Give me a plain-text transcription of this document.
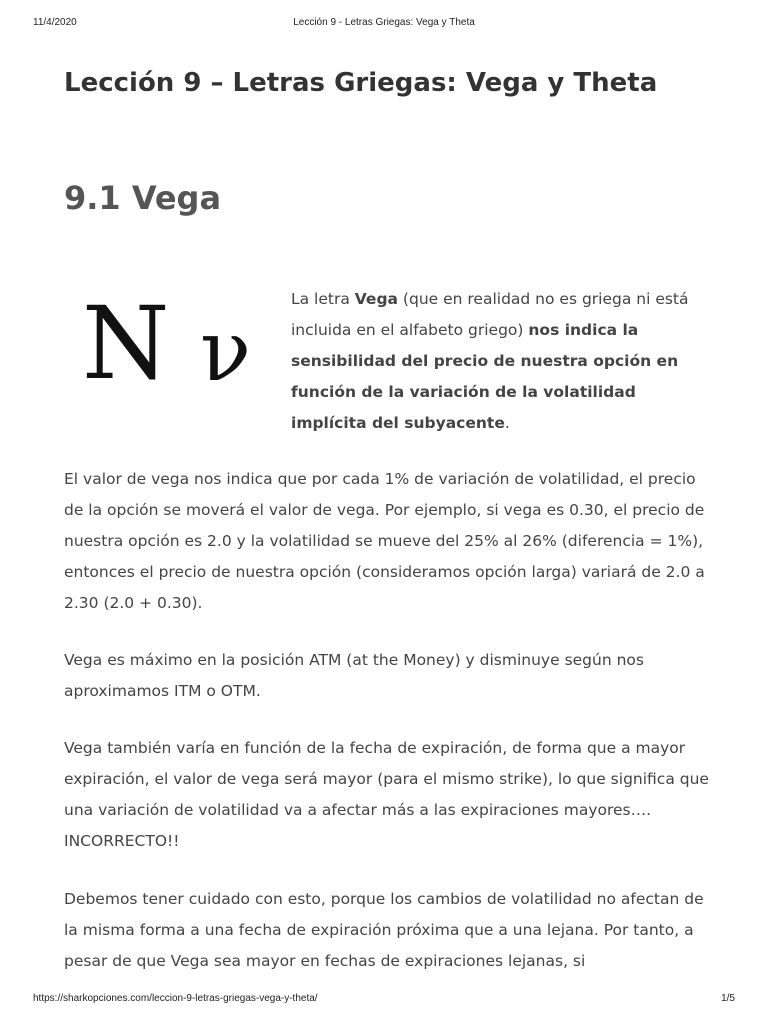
11/4/2020	Lección 9 - Letras Griegas: Vega y Theta
Lección 9 – Letras Griegas: Vega y Theta
9.1 Vega
N ν

La letra Vega (que en realidad no es griega ni está incluida en el alfabeto griego) nos indica la sensibilidad del precio de nuestra opción en función de la variación de la volatilidad implícita del subyacente.

El valor de vega nos indica que por cada 1% de variación de volatilidad, el precio de la opción se moverá el valor de vega. Por ejemplo, si vega es 0.30, el precio de nuestra opción es 2.0 y la volatilidad se mueve del 25% al 26% (diferencia = 1%), entonces el precio de nuestra opción (consideramos opción larga) variará de 2.0 a 2.30 (2.0 + 0.30).

Vega es máximo en la posición ATM (at the Money) y disminuye según nos aproximamos ITM o OTM.

Vega también varía en función de la fecha de expiración, de forma que a mayor expiración, el valor de vega será mayor (para el mismo strike), lo que significa que una variación de volatilidad va a afectar más a las expiraciones mayores…. INCORRECTO!!

Debemos tener cuidado con esto, porque los cambios de volatilidad no afectan de la misma forma a una fecha de expiración próxima que a una lejana. Por tanto, a pesar de que Vega sea mayor en fechas de expiraciones lejanas, si

https://sharkopciones.com/leccion-9-letras-griegas-vega-y-theta/	1/5
